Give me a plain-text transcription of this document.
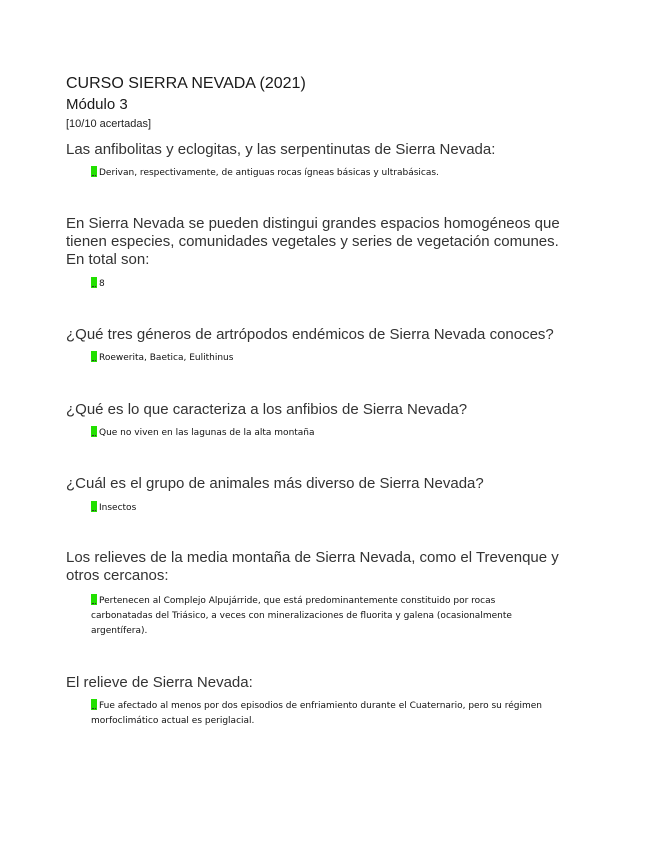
CURSO SIERRA NEVADA (2021)
Módulo 3
[10/10 acertadas]
Las anfibolitas y eclogitas, y las serpentinutas de Sierra Nevada:
Derivan, respectivamente, de antiguas rocas ígneas básicas y ultrabásicas.
En Sierra Nevada se pueden distingui grandes espacios homogéneos que tienen especies, comunidades vegetales y series de vegetación comunes. En total son:
8
¿Qué tres géneros de artrópodos endémicos de Sierra Nevada conoces?
Roewerita, Baetica, Eulithinus
¿Qué es lo que caracteriza a los anfibios de Sierra Nevada?
Que no viven en las lagunas de la alta montaña
¿Cuál es el grupo de animales más diverso de Sierra Nevada?
Insectos
Los relieves de la media montaña de Sierra Nevada, como el Trevenque y otros cercanos:
Pertenecen al Complejo Alpujárride, que está predominantemente constituido por rocas carbonatadas del Triásico, a veces con mineralizaciones de fluorita y galena (ocasionalmente argentífera).
El relieve de Sierra Nevada:
Fue afectado al menos por dos episodios de enfriamiento durante el Cuaternario, pero su régimen morfoclimático actual es periglacial.
